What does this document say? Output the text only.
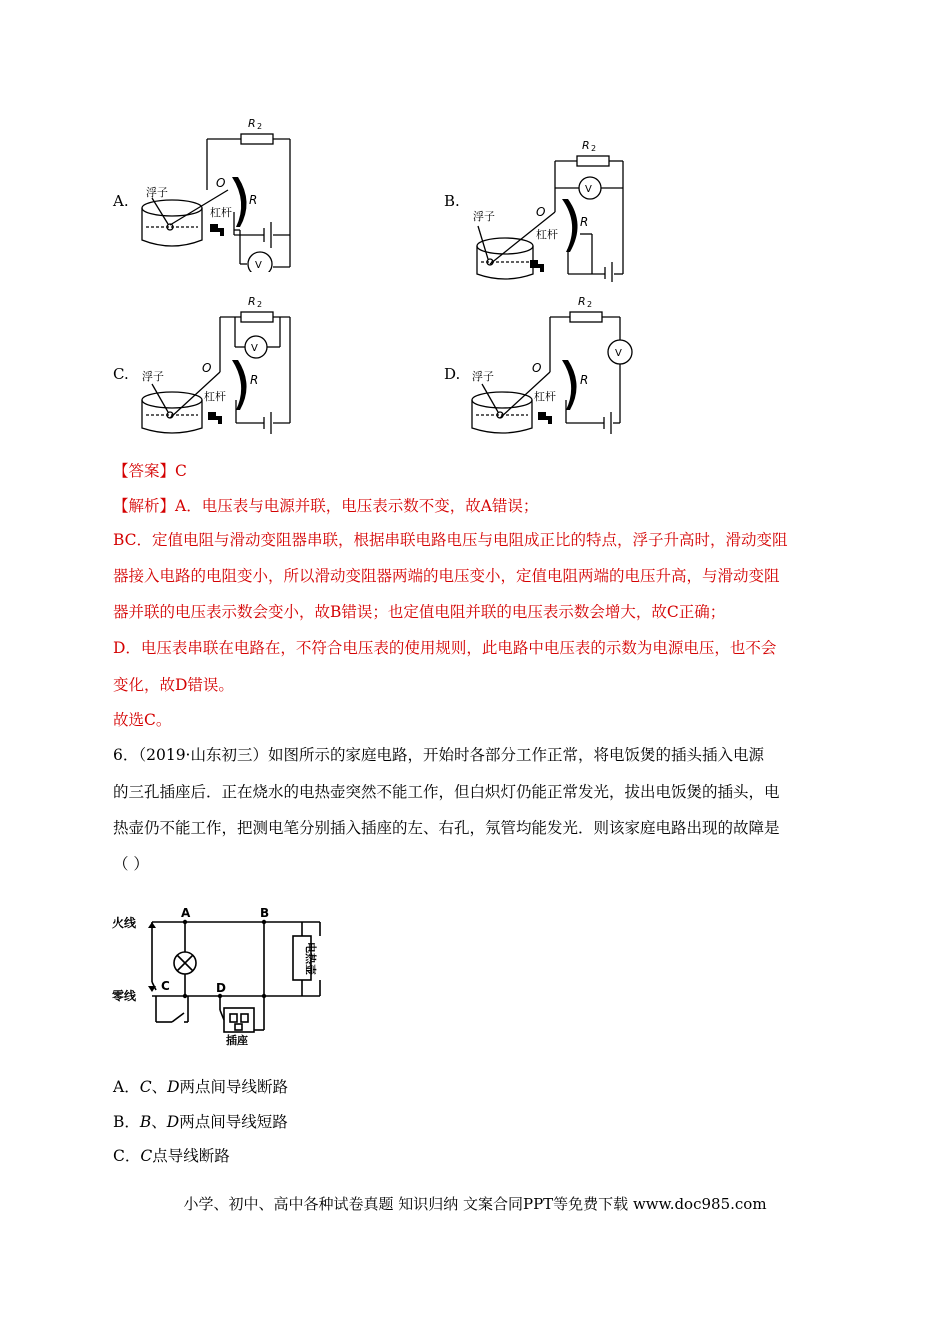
A.	B.
C.	D.
O
R
R 2
V
浮子
杠杆	O
R
R 2
V
浮子
杠杆
O
R
R 2
V
浮子
杠杆
O
R
R 2
V
浮子
杠杆
【答案】C
【解析】A．电压表与电源并联，电压表示数不变，故A错误；
BC．定值电阻与滑动变阻器串联，根据串联电路电压与电阻成正比的特点，浮子升高时，滑动变阻
器接入电路的电阻变小，所以滑动变阻器两端的电压变小，定值电阻两端的电压升高，与滑动变阻
器并联的电压表示数会变小，故B错误；也定值电阻并联的电压表示数会增大，故C正确；
D．电压表串联在电路在，不符合电压表的使用规则，此电路中电压表的示数为电源电压，也不会
变化，故D错误。
故选C。
6．（2019·山东初三）如图所示的家庭电路，开始时各部分工作正常，将电饭煲的插头插入电源
的三孔插座后．正在烧水的电热壶突然不能工作，但白炽灯仍能正常发光，拔出电饭煲的插头，电
热壶仍不能工作，把测电笔分别插入插座的左、右孔，氖管均能发光．则该家庭电路出现的故障是
（ ）
火线
零线
A	B
C	D
插座
电热壶
A．C、D两点间导线断路
B．B、D两点间导线短路
C．C点导线断路
小学、初中、高中各种试卷真题 知识归纳 文案合同PPT等免费下载 www.doc985.com
